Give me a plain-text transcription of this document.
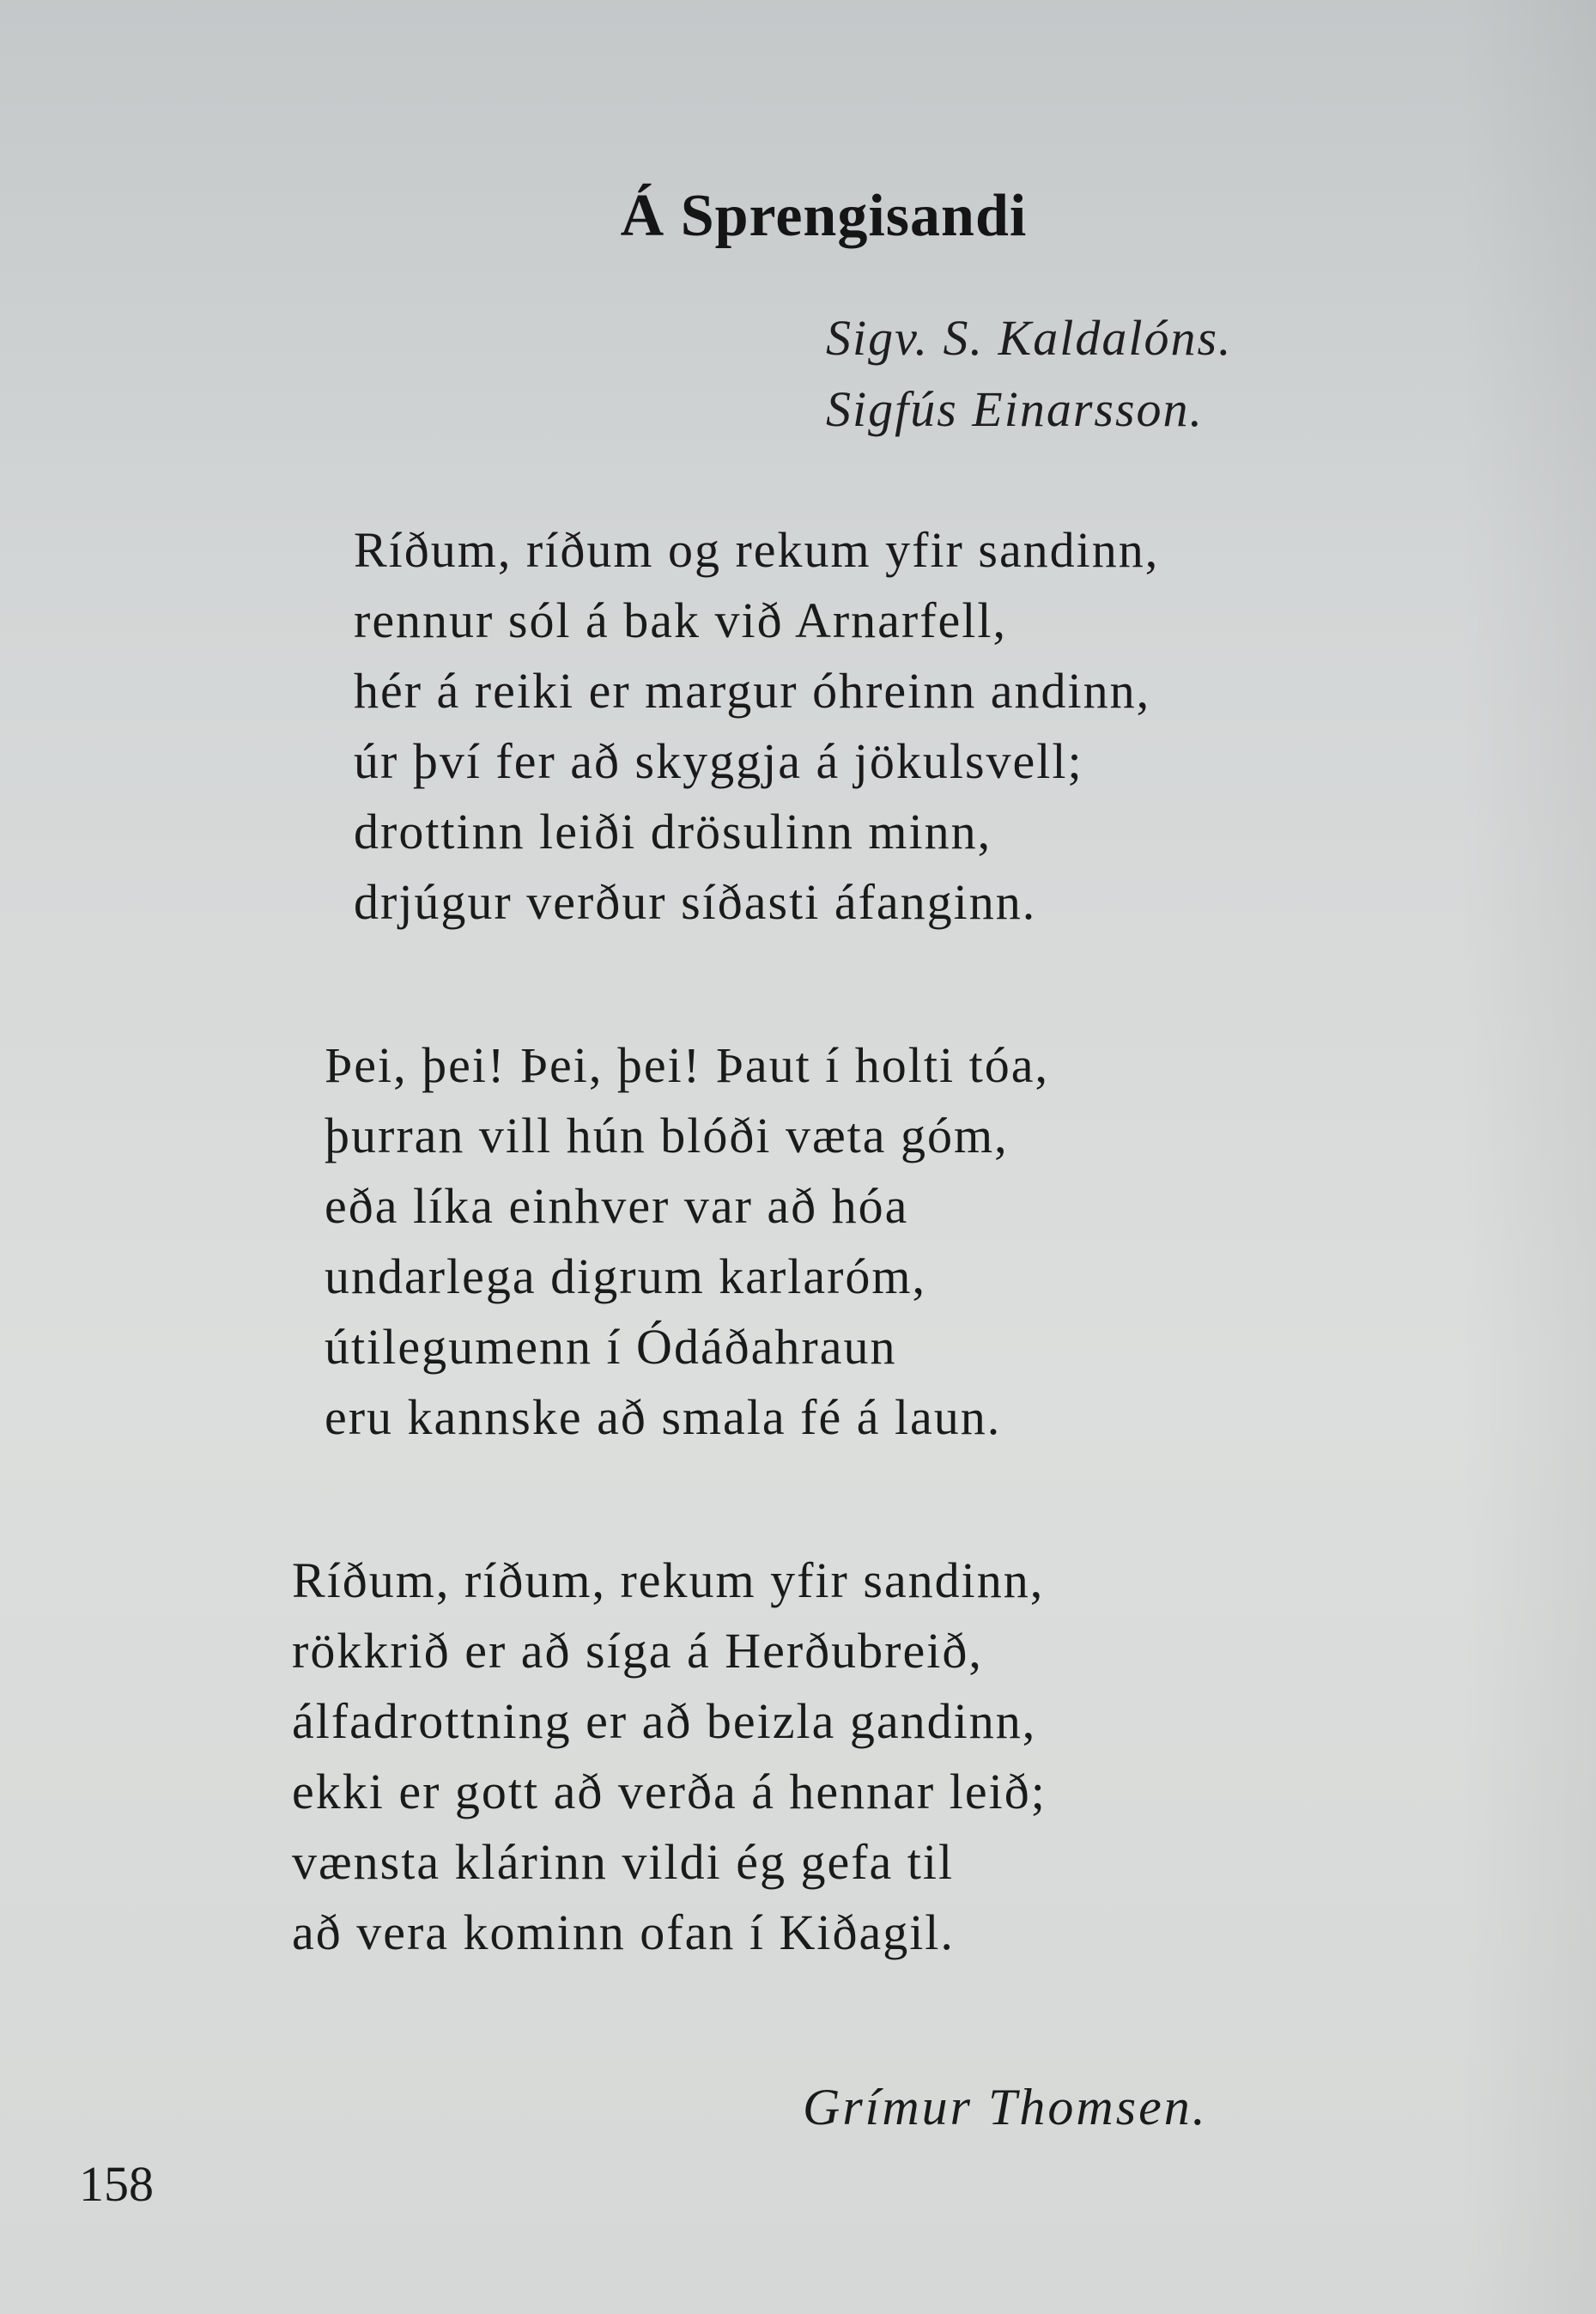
Á Sprengisandi
Sigv. S. Kaldalóns.
Sigfús Einarsson.
Ríðum, ríðum og rekum yfir sandinn,
rennur sól á bak við Arnarfell,
hér á reiki er margur óhreinn andinn,
úr því fer að skyggja á jökulsvell;
drottinn leiði drösulinn minn,
drjúgur verður síðasti áfanginn.
Þei, þei! Þei, þei! Þaut í holti tóa,
þurran vill hún blóði væta góm,
eða líka einhver var að hóa
undarlega digrum karlaróm,
útilegumenn í Ódáðahraun
eru kannske að smala fé á laun.
Ríðum, ríðum, rekum yfir sandinn,
rökkrið er að síga á Herðubreið,
álfadrottning er að beizla gandinn,
ekki er gott að verða á hennar leið;
vænsta klárinn vildi ég gefa til
að vera kominn ofan í Kiðagil.
Grímur Thomsen.
158
